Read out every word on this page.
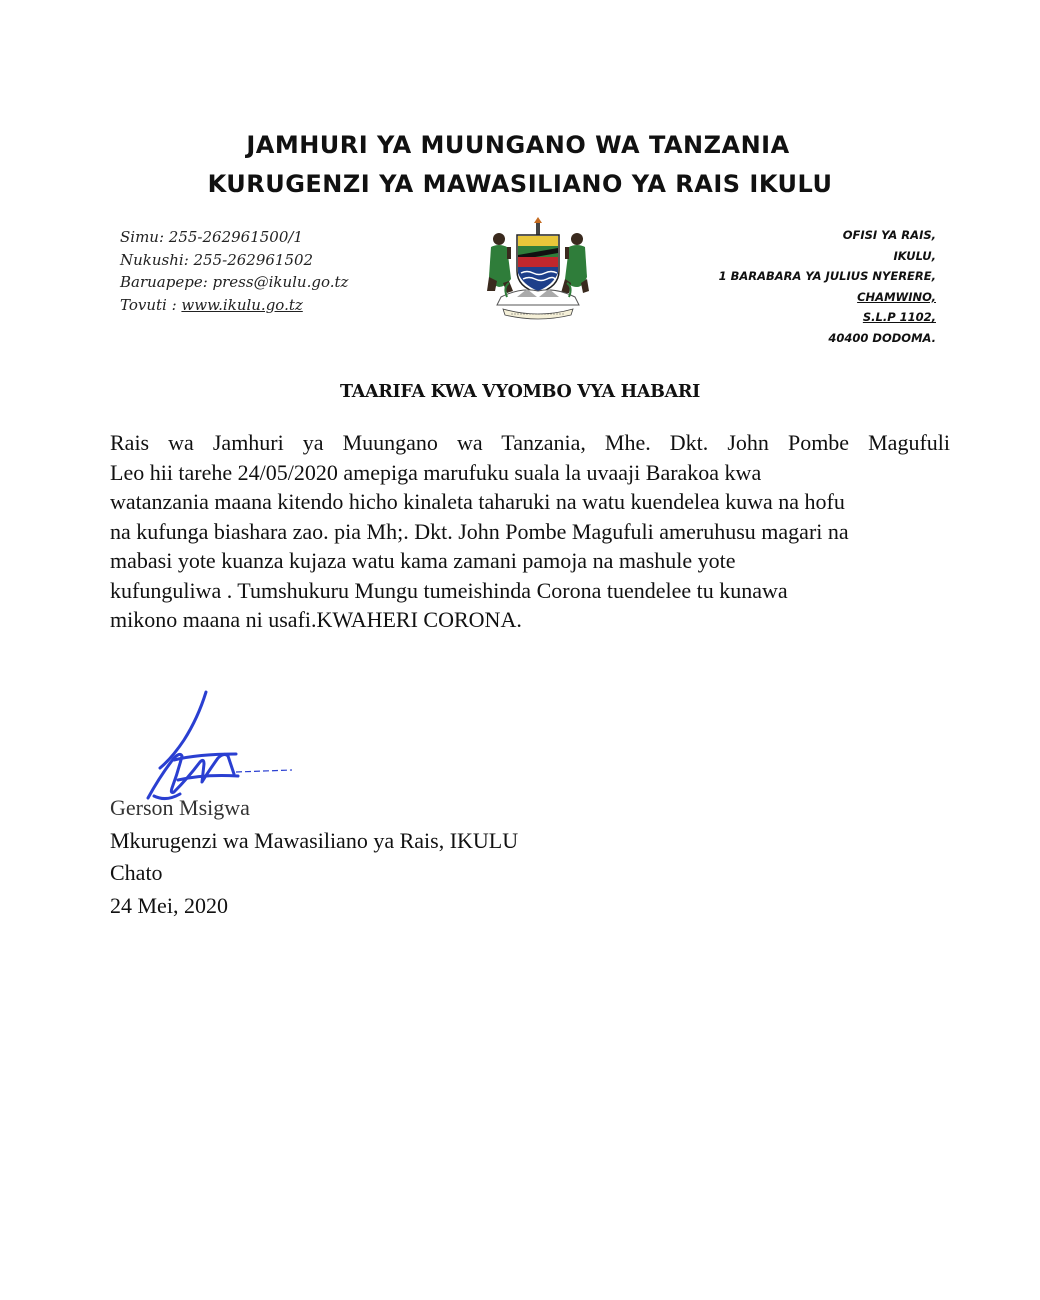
JAMHURI YA MUUNGANO WA TANZANIA
KURUGENZI YA MAWASILIANO YA RAIS IKULU
Simu: 255-262961500/1
Nukushi: 255-262961502
Baruapepe: press@ikulu.go.tz
Tovuti : www.ikulu.go.tz
OFISI YA RAIS,
IKULU,
1 BARABARA YA JULIUS NYERERE,
CHAMWINO,
S.L.P 1102,
40400 DODOMA.
TAARIFA KWA VYOMBO VYA HABARI
Rais wa Jamhuri ya Muungano wa Tanzania, Mhe. Dkt. John Pombe Magufuli
Leo hii tarehe 24/05/2020 amepiga marufuku suala la uvaaji Barakoa kwa
watanzania maana kitendo hicho kinaleta taharuki na watu kuendelea kuwa na hofu
na kufunga biashara zao. pia Mh;. Dkt. John Pombe Magufuli ameruhusu magari na
mabasi yote kuanza kujaza watu kama zamani pamoja na mashule yote
kufunguliwa . Tumshukuru Mungu tumeishinda Corona tuendelee tu kunawa
mikono maana ni usafi.KWAHERI CORONA.
Gerson Msigwa
Mkurugenzi wa Mawasiliano ya Rais, IKULU
Chato
24 Mei, 2020
